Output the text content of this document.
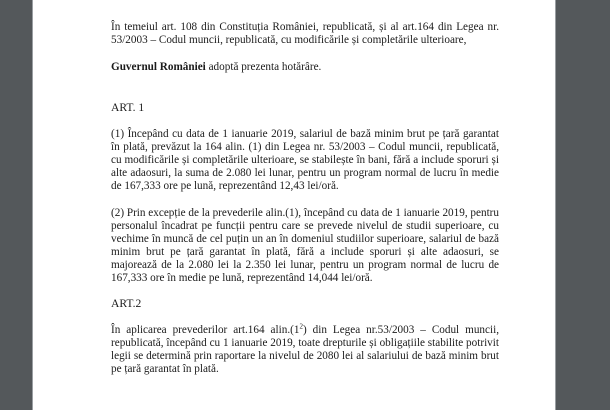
În temeiul art. 108 din Constituția României, republicată, și al art.164 din Legea nr. 53/2003 – Codul muncii, republicată, cu modificările și completările ulterioare,

Guvernul României adoptă prezenta hotărâre.

ART. 1

(1) Începând cu data de 1 ianuarie 2019, salariul de bază minim brut pe țară garantat în plată, prevăzut la 164 alin. (1) din Legea nr. 53/2003 – Codul muncii, republicată, cu modificările și completările ulterioare, se stabilește în bani, fără a include sporuri și alte adaosuri, la suma de 2.080 lei lunar, pentru un program normal de lucru în medie de 167,333 ore pe lună, reprezentând 12,43 lei/oră.

(2) Prin excepție de la prevederile alin.(1), începând cu data de 1 ianuarie 2019, pentru personalul încadrat pe funcții pentru care se prevede nivelul de studii superioare, cu vechime în muncă de cel puțin un an în domeniul studiilor superioare, salariul de bază minim brut pe țară garantat în plată, fără a include sporuri și alte adaosuri, se majorează de la 2.080 lei la 2.350 lei lunar, pentru un program normal de lucru de 167,333 ore în medie pe lună, reprezentând 14,044 lei/oră.

ART.2

În aplicarea prevederilor art.164 $alin.(1^2)$ din Legea nr.53/2003 – Codul muncii, republicată, începând cu 1 ianuarie 2019, toate drepturile și obligațiile stabilite potrivit legii se determină prin raportare la nivelul de 2080 lei al salariului de bază minim brut pe țară garantat în plată.
